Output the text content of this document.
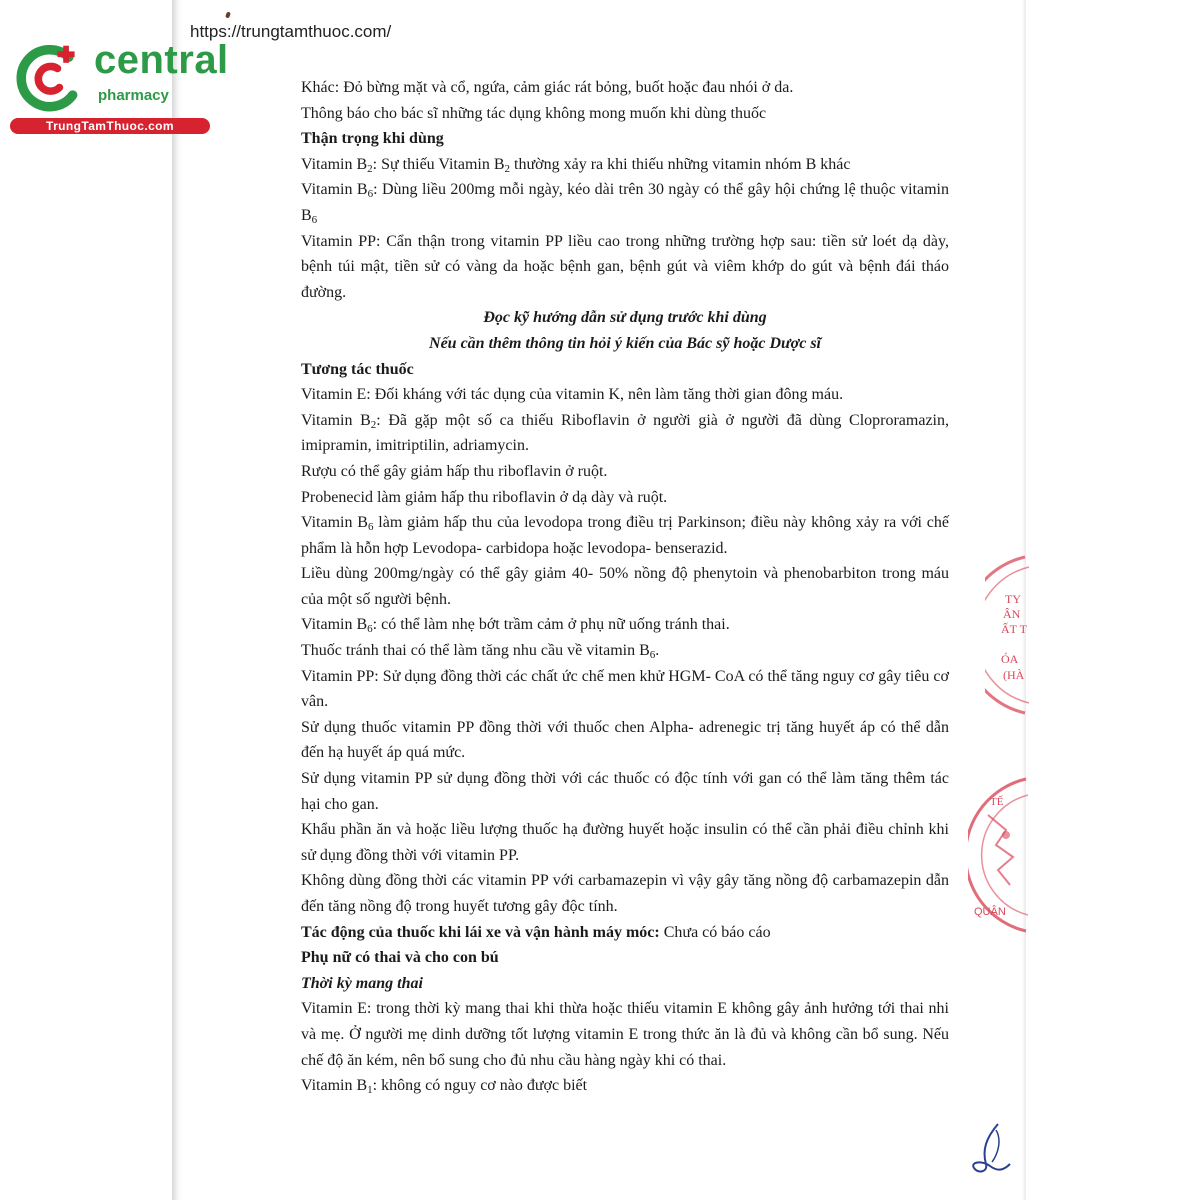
https://trungtamthuoc.com/
central
pharmacy
TrungTamThuoc.com

Khác: Đỏ bừng mặt và cổ, ngứa, cảm giác rát bỏng, buốt hoặc đau nhói ở da.

Thông báo cho bác sĩ những tác dụng không mong muốn khi dùng thuốc

Thận trọng khi dùng

Vitamin $B_2$: Sự thiếu Vitamin $B_2$ thường xảy ra khi thiếu những vitamin nhóm B khác

Vitamin $B_6$: Dùng liều 200mg mỗi ngày, kéo dài trên 30 ngày có thể gây hội chứng lệ thuộc vitamin $B_6$

Vitamin PP: Cẩn thận trong vitamin PP liều cao trong những trường hợp sau: tiền sử loét dạ dày, bệnh túi mật, tiền sử có vàng da hoặc bệnh gan, bệnh gút và viêm khớp do gút và bệnh đái tháo đường.

Đọc kỹ hướng dẫn sử dụng trước khi dùng

Nếu cần thêm thông tin hỏi ý kiến của Bác sỹ hoặc Dược sĩ

Tương tác thuốc

Vitamin E: Đối kháng với tác dụng của vitamin K, nên làm tăng thời gian đông máu.

Vitamin $B_2$: Đã gặp một số ca thiếu Riboflavin ở người già ở người đã dùng Cloproramazin, imipramin, imitriptilin, adriamycin.

Rượu có thể gây giảm hấp thu riboflavin ở ruột.

Probenecid làm giảm hấp thu riboflavin ở dạ dày và ruột.

Vitamin $B_6$ làm giảm hấp thu của levodopa trong điều trị Parkinson; điều này không xảy ra với chế phẩm là hỗn hợp Levodopa- carbidopa hoặc levodopa- benserazid.

Liều dùng 200mg/ngày có thể gây giảm 40- 50% nồng độ phenytoin và phenobarbiton trong máu của một số người bệnh.

Vitamin $B_6$: có thể làm nhẹ bớt trầm cảm ở phụ nữ uống tránh thai.

Thuốc tránh thai có thể làm tăng nhu cầu về vitamin $B_6$.

Vitamin PP: Sử dụng đồng thời các chất ức chế men khử HGM- CoA có thể tăng nguy cơ gây tiêu cơ vân.

Sử dụng thuốc vitamin PP đồng thời với thuốc chen Alpha- adrenegic trị tăng huyết áp có thể dẫn đến hạ huyết áp quá mức.

Sử dụng vitamin PP sử dụng đồng thời với các thuốc có độc tính với gan có thể làm tăng thêm tác hại cho gan.

Khẩu phần ăn và hoặc liều lượng thuốc hạ đường huyết hoặc insulin có thể cần phải điều chỉnh khi sử dụng đồng thời với vitamin PP.

Không dùng đồng thời các vitamin PP với carbamazepin vì vậy gây tăng nồng độ carbamazepin dẫn đến tăng nồng độ trong huyết tương gây độc tính.

Tác động của thuốc khi lái xe và vận hành máy móc: Chưa có báo cáo

Phụ nữ có thai và cho con bú

Thời kỳ mang thai

Vitamin E: trong thời kỳ mang thai khi thừa hoặc thiếu vitamin E không gây ảnh hưởng tới thai nhi và mẹ. Ở người mẹ dinh dưỡng tốt lượng vitamin E trong thức ăn là đủ và không cần bổ sung. Nếu chế độ ăn kém, nên bổ sung cho đủ nhu cầu hàng ngày khi có thai.

Vitamin $B_1$: không có nguy cơ nào được biết

TY
ÂN
ẤT T
ÓA
(HÀ
TẾ
QUẬN
